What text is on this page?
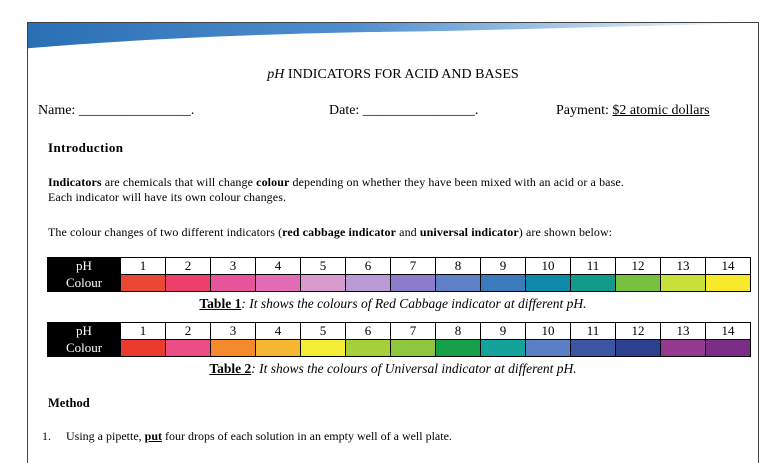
pH INDICATORS FOR ACID AND BASES
Name: ________________.	Date: ________________.	Payment: $2 atomic dollars
Introduction
Indicators are chemicals that will change colour depending on whether they have been mixed with an acid or a base.
Each indicator will have its own colour changes.
The colour changes of two different indicators (red cabbage indicator and universal indicator) are shown below:
pH	1	2	3	4	5	6	7	8	9	10	11	12	13	14
Colour														
Table 1: It shows the colours of Red Cabbage indicator at different pH.
pH	1	2	3	4	5	6	7	8	9	10	11	12	13	14
Colour														
Table 2: It shows the colours of Universal indicator at different pH.
Method
1. Using a pipette, put four drops of each solution in an empty well of a well plate.
